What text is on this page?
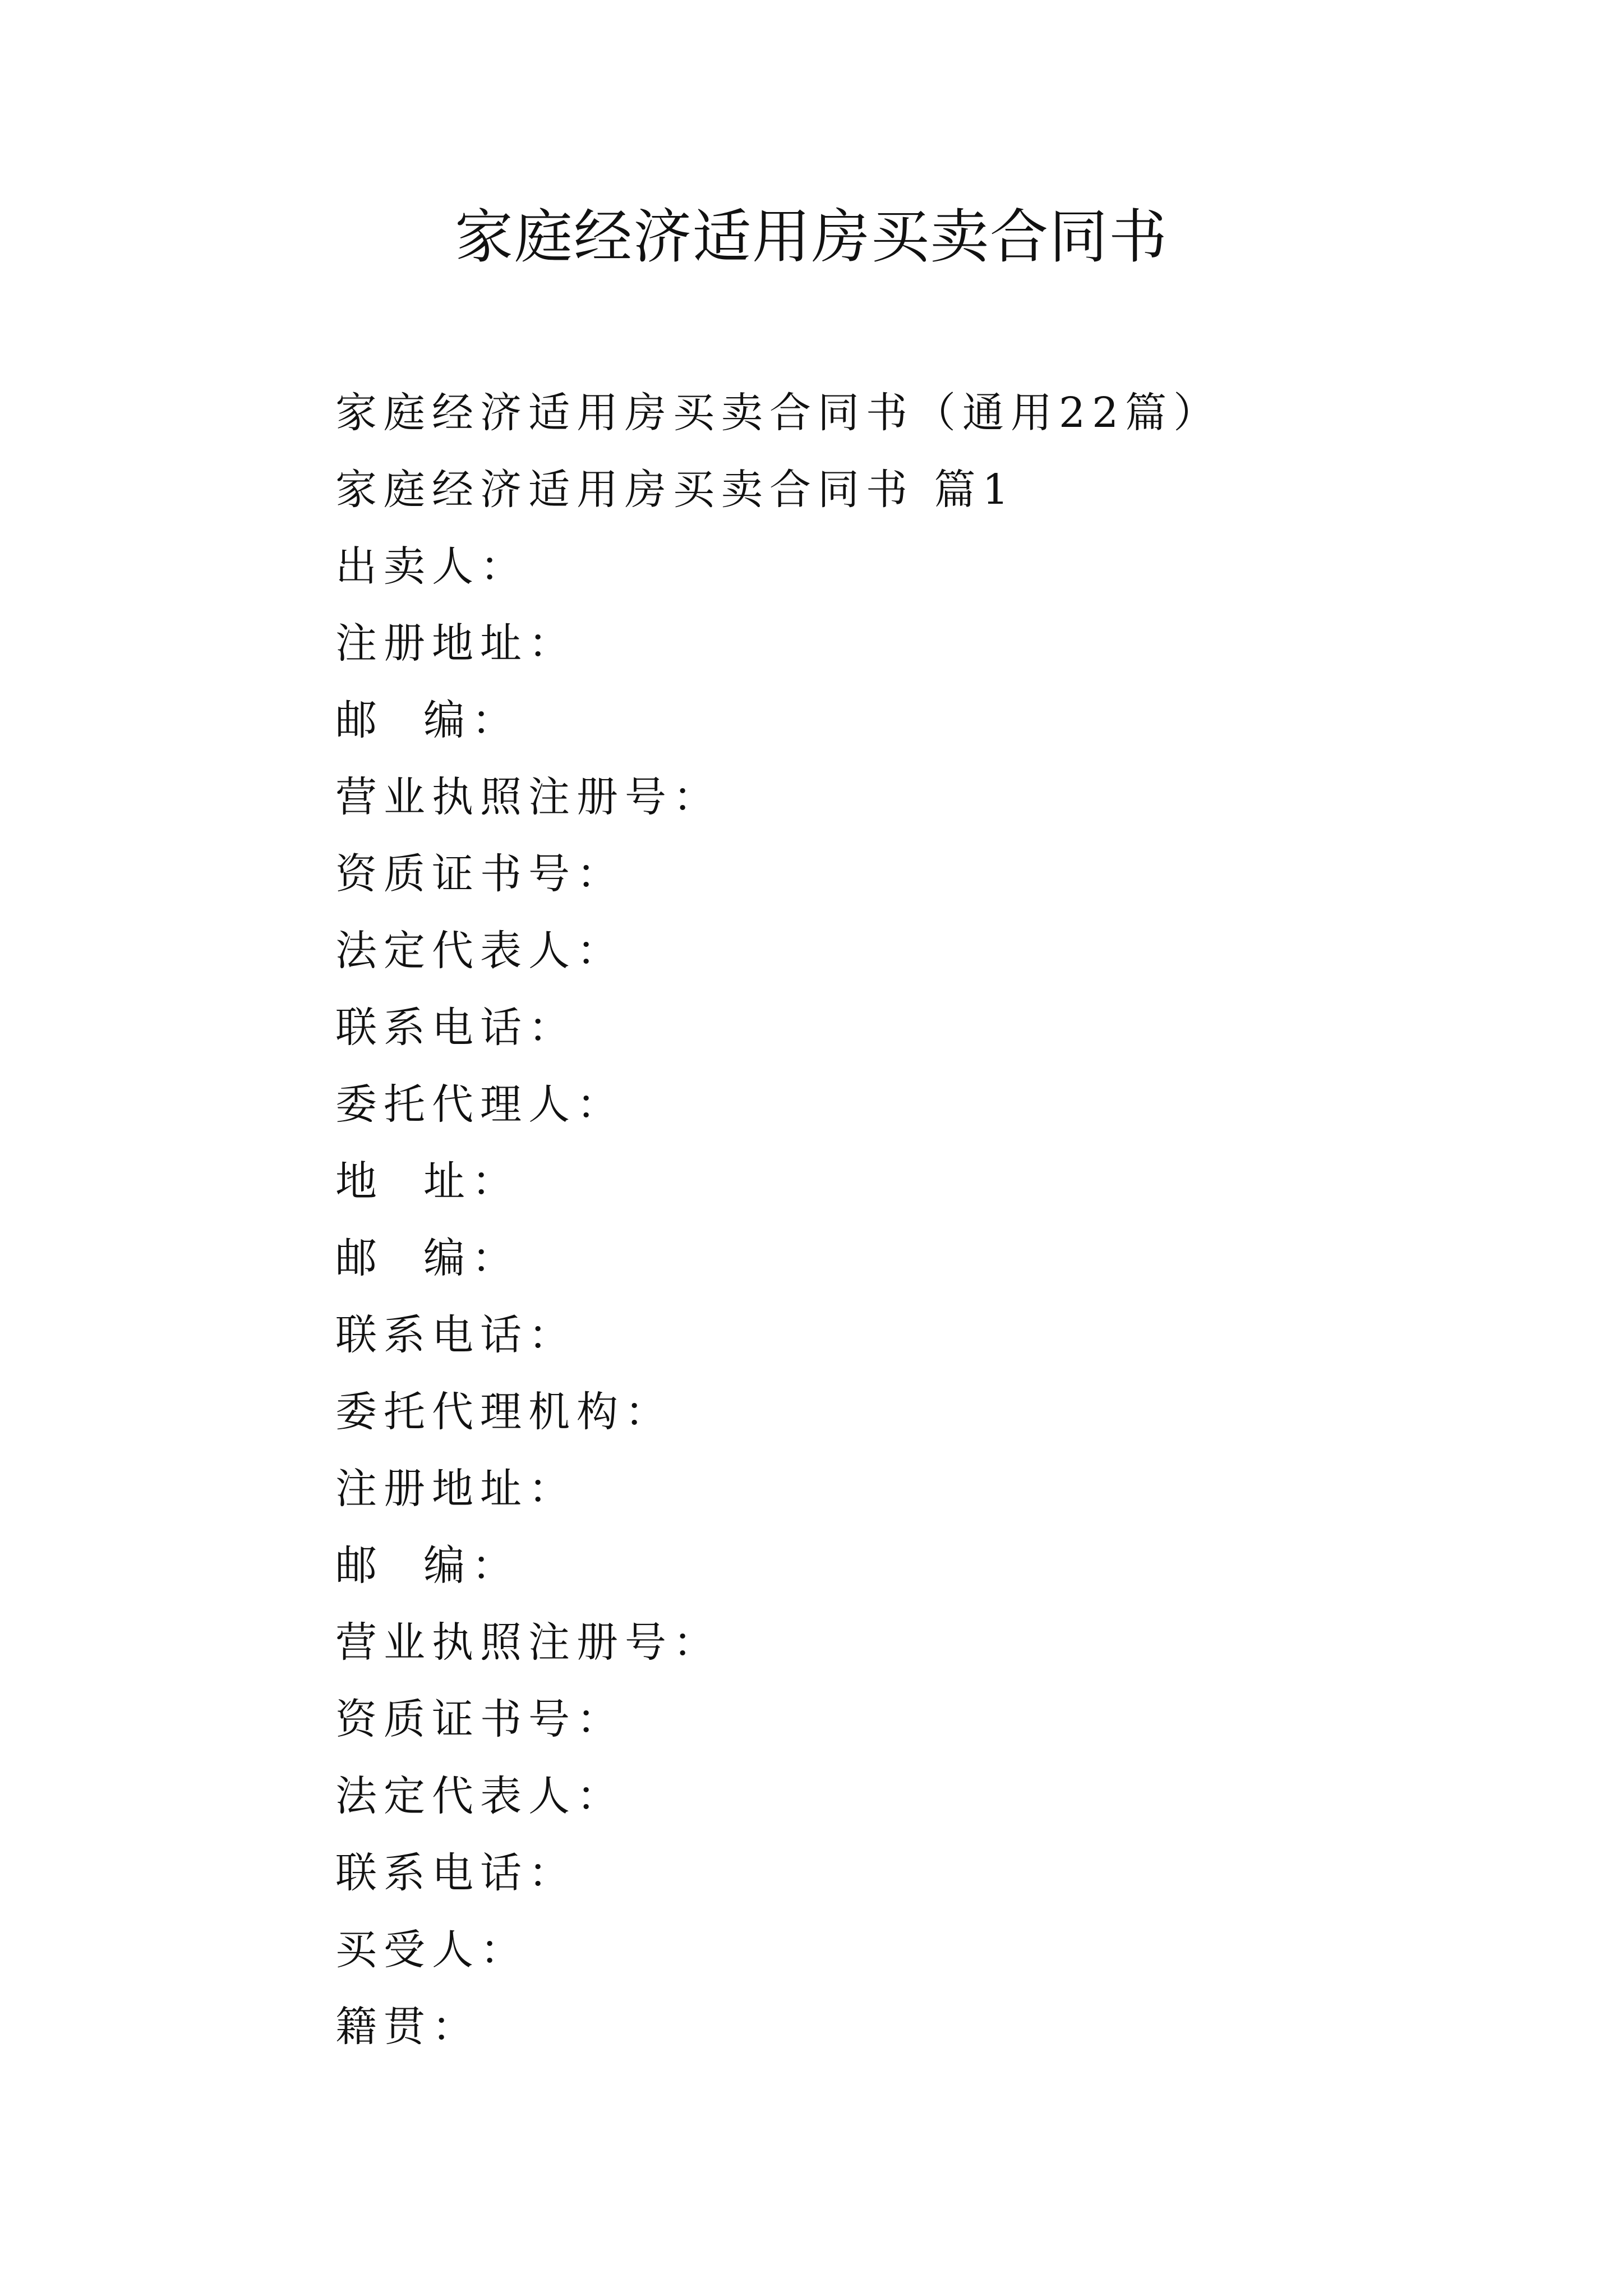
家庭经济适用房买卖合同书
家庭经济适用房买卖合同书（通用22篇）
家庭经济适用房买卖合同书 篇1
出卖人：
注册地址：
邮  编：
营业执照注册号：
资质证书号：
法定代表人：
联系电话：
委托代理人：
地  址：
邮  编：
联系电话：
委托代理机构：
注册地址：
邮  编：
营业执照注册号：
资质证书号：
法定代表人：
联系电话：
买受人：
籍贯：
